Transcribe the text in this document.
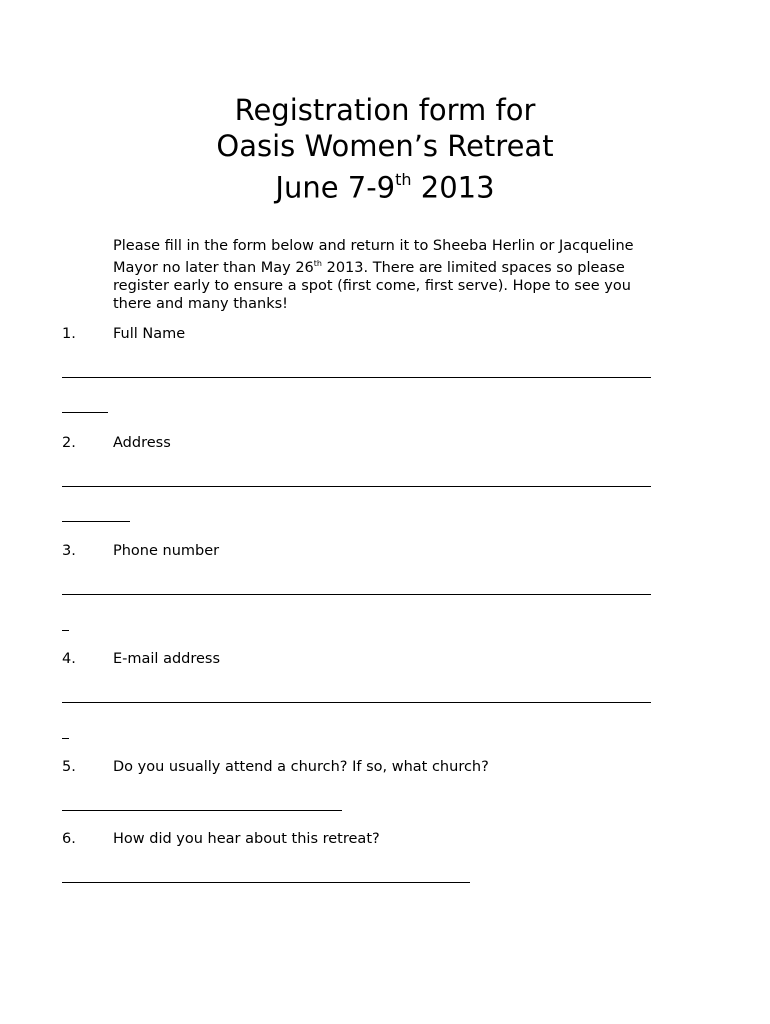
Registration form for
Oasis Women’s Retreat
June 7-9th 2013
Please fill in the form below and return it to Sheeba Herlin or Jacqueline
Mayor no later than May 26th 2013. There are limited spaces so please
register early to ensure a spot (first come, first serve). Hope to see you
there and many thanks!
1.	Full Name
2.	Address
3.	Phone number
4.	E-mail address
5.	Do you usually attend a church? If so, what church?
6.	How did you hear about this retreat?
